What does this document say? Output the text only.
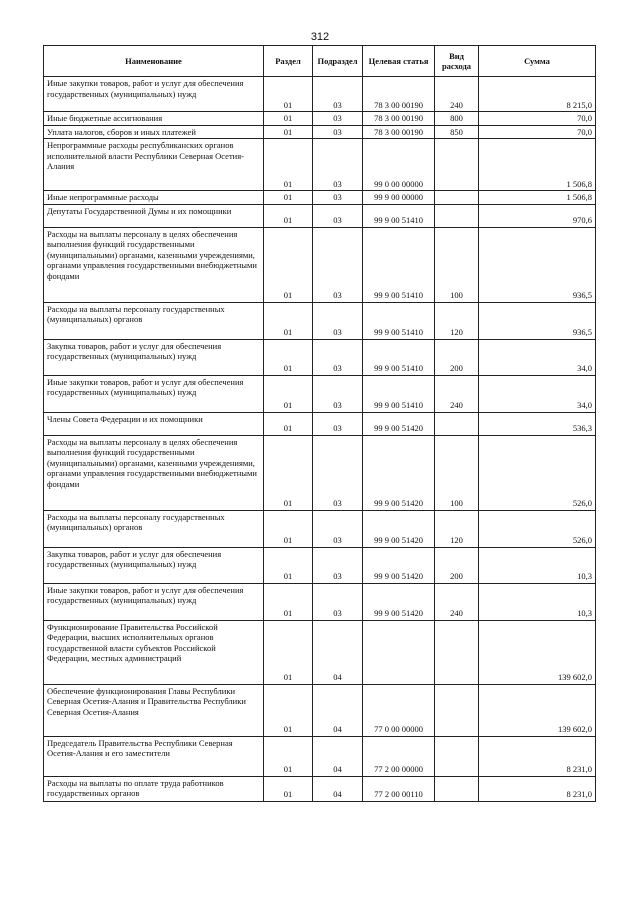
312
Наименование	Раздел	Подраздел	Целевая статья	Вид расхода	Сумма
Иные закупки товаров, работ и услуг для обеспечения государственных (муниципальных) нужд	01	03	78 3 00 00190	240	8 215,0
Иные бюджетные ассигнования	01	03	78 3 00 00190	800	70,0
Уплата налогов, сборов и иных платежей	01	03	78 3 00 00190	850	70,0
Непрограммные расходы республиканских органов исполнительной власти Республики Северная Осетия-Алания	01	03	99 0 00 00000		1 506,8
Иные непрограммные расходы	01	03	99 9 00 00000		1 506,8
Депутаты Государственной Думы и их помощники	01	03	99 9 00 51410		970,6
Расходы на выплаты персоналу в целях обеспечения выполнения функций государственными (муниципальными) органами, казенными учреждениями, органами управления государственными внебюджетными фондами	01	03	99 9 00 51410	100	936,5
Расходы на выплаты персоналу государственных (муниципальных) органов	01	03	99 9 00 51410	120	936,5
Закупка товаров, работ и услуг для обеспечения государственных (муниципальных) нужд	01	03	99 9 00 51410	200	34,0
Иные закупки товаров, работ и услуг для обеспечения государственных (муниципальных) нужд	01	03	99 9 00 51410	240	34,0
Члены Совета Федерации и их помощники	01	03	99 9 00 51420		536,3
Расходы на выплаты персоналу в целях обеспечения выполнения функций государственными (муниципальными) органами, казенными учреждениями, органами управления государственными внебюджетными фондами	01	03	99 9 00 51420	100	526,0
Расходы на выплаты персоналу государственных (муниципальных) органов	01	03	99 9 00 51420	120	526,0
Закупка товаров, работ и услуг для обеспечения государственных (муниципальных) нужд	01	03	99 9 00 51420	200	10,3
Иные закупки товаров, работ и услуг для обеспечения государственных (муниципальных) нужд	01	03	99 9 00 51420	240	10,3
Функционирование Правительства Российской Федерации, высших исполнительных органов государственной власти субъектов Российской Федерации, местных администраций	01	04			139 602,0
Обеспечение функционирования Главы Республики Северная Осетия-Алания и Правительства Республики Северная Осетия-Алания	01	04	77 0 00 00000		139 602,0
Председатель Правительства Республики Северная Осетия-Алания и его заместители	01	04	77 2 00 00000		8 231,0
Расходы на выплаты по оплате труда работников государственных органов	01	04	77 2 00 00110		8 231,0
